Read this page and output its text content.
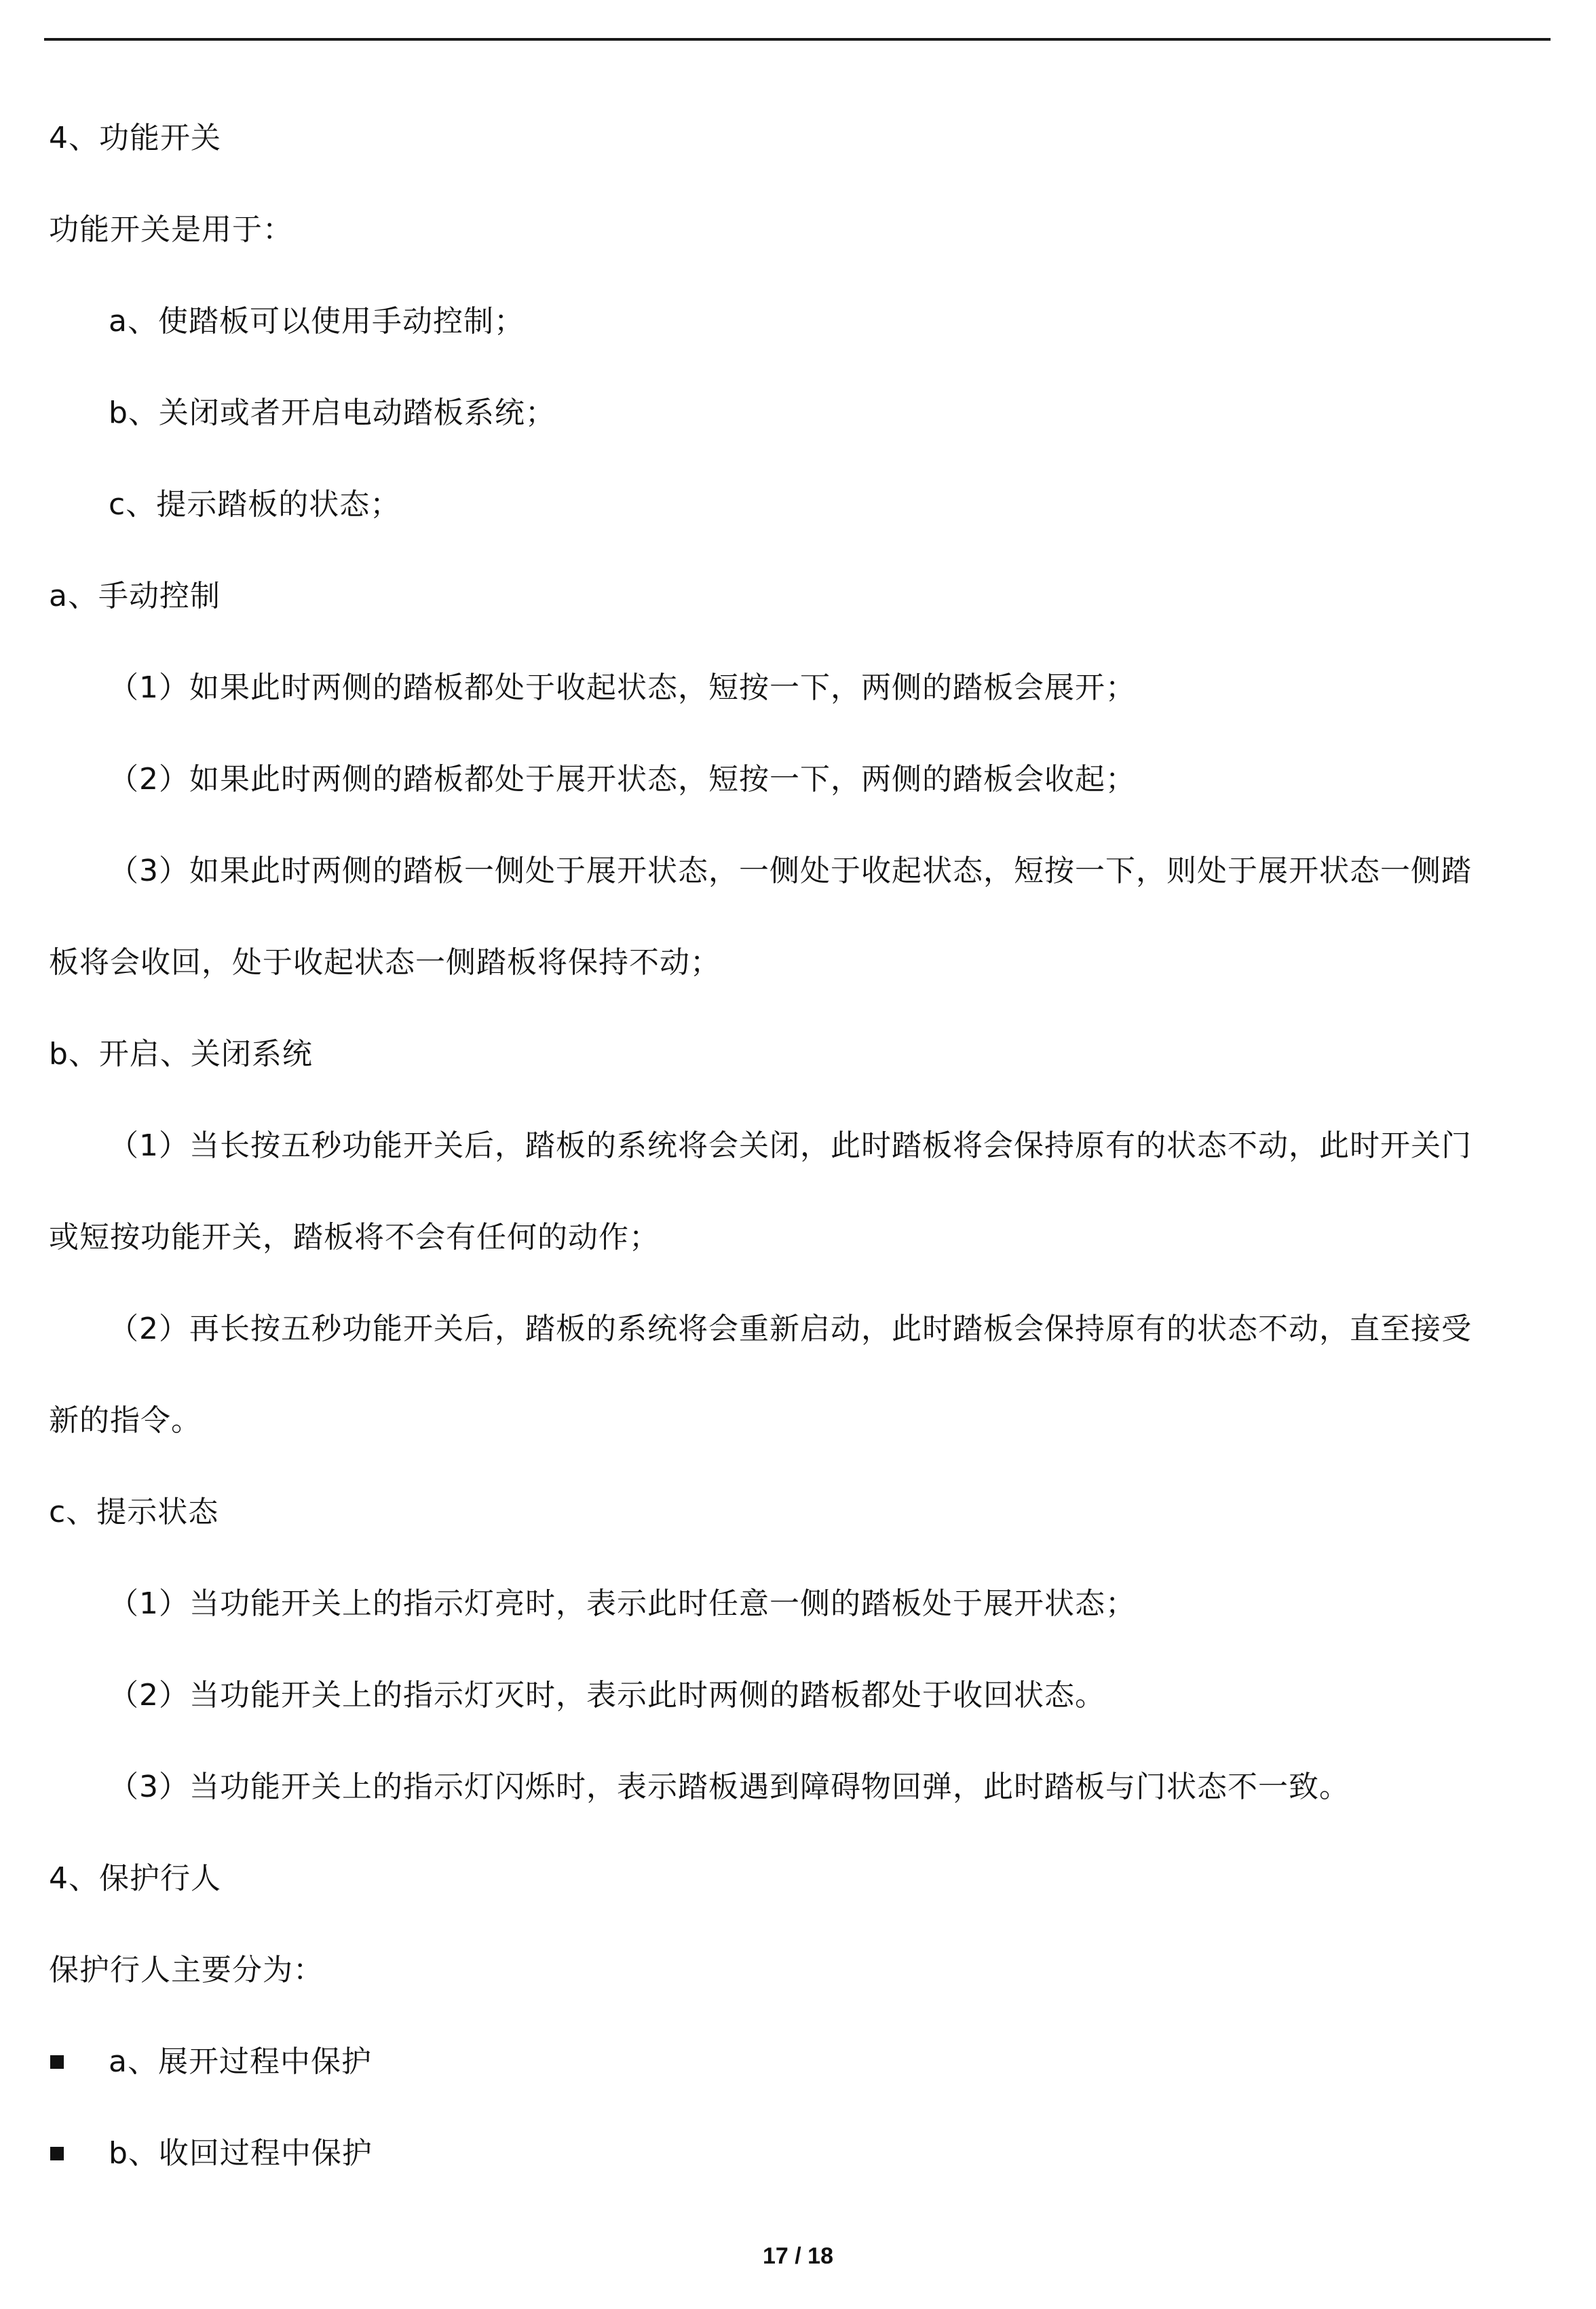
4、功能开关
功能开关是用于：
a、使踏板可以使用手动控制；
b、关闭或者开启电动踏板系统；
c、提示踏板的状态；
a、手动控制
（1）如果此时两侧的踏板都处于收起状态，短按一下，两侧的踏板会展开；
（2）如果此时两侧的踏板都处于展开状态，短按一下，两侧的踏板会收起；
（3）如果此时两侧的踏板一侧处于展开状态，一侧处于收起状态，短按一下，则处于展开状态一侧踏
板将会收回，处于收起状态一侧踏板将保持不动；
b、开启、关闭系统
（1）当长按五秒功能开关后，踏板的系统将会关闭，此时踏板将会保持原有的状态不动，此时开关门
或短按功能开关，踏板将不会有任何的动作；
（2）再长按五秒功能开关后，踏板的系统将会重新启动，此时踏板会保持原有的状态不动，直至接受
新的指令。
c、提示状态
（1）当功能开关上的指示灯亮时，表示此时任意一侧的踏板处于展开状态；
（2）当功能开关上的指示灯灭时，表示此时两侧的踏板都处于收回状态。
（3）当功能开关上的指示灯闪烁时，表示踏板遇到障碍物回弹，此时踏板与门状态不一致。
4、保护行人
保护行人主要分为：
a、展开过程中保护
b、收回过程中保护
17 / 18
